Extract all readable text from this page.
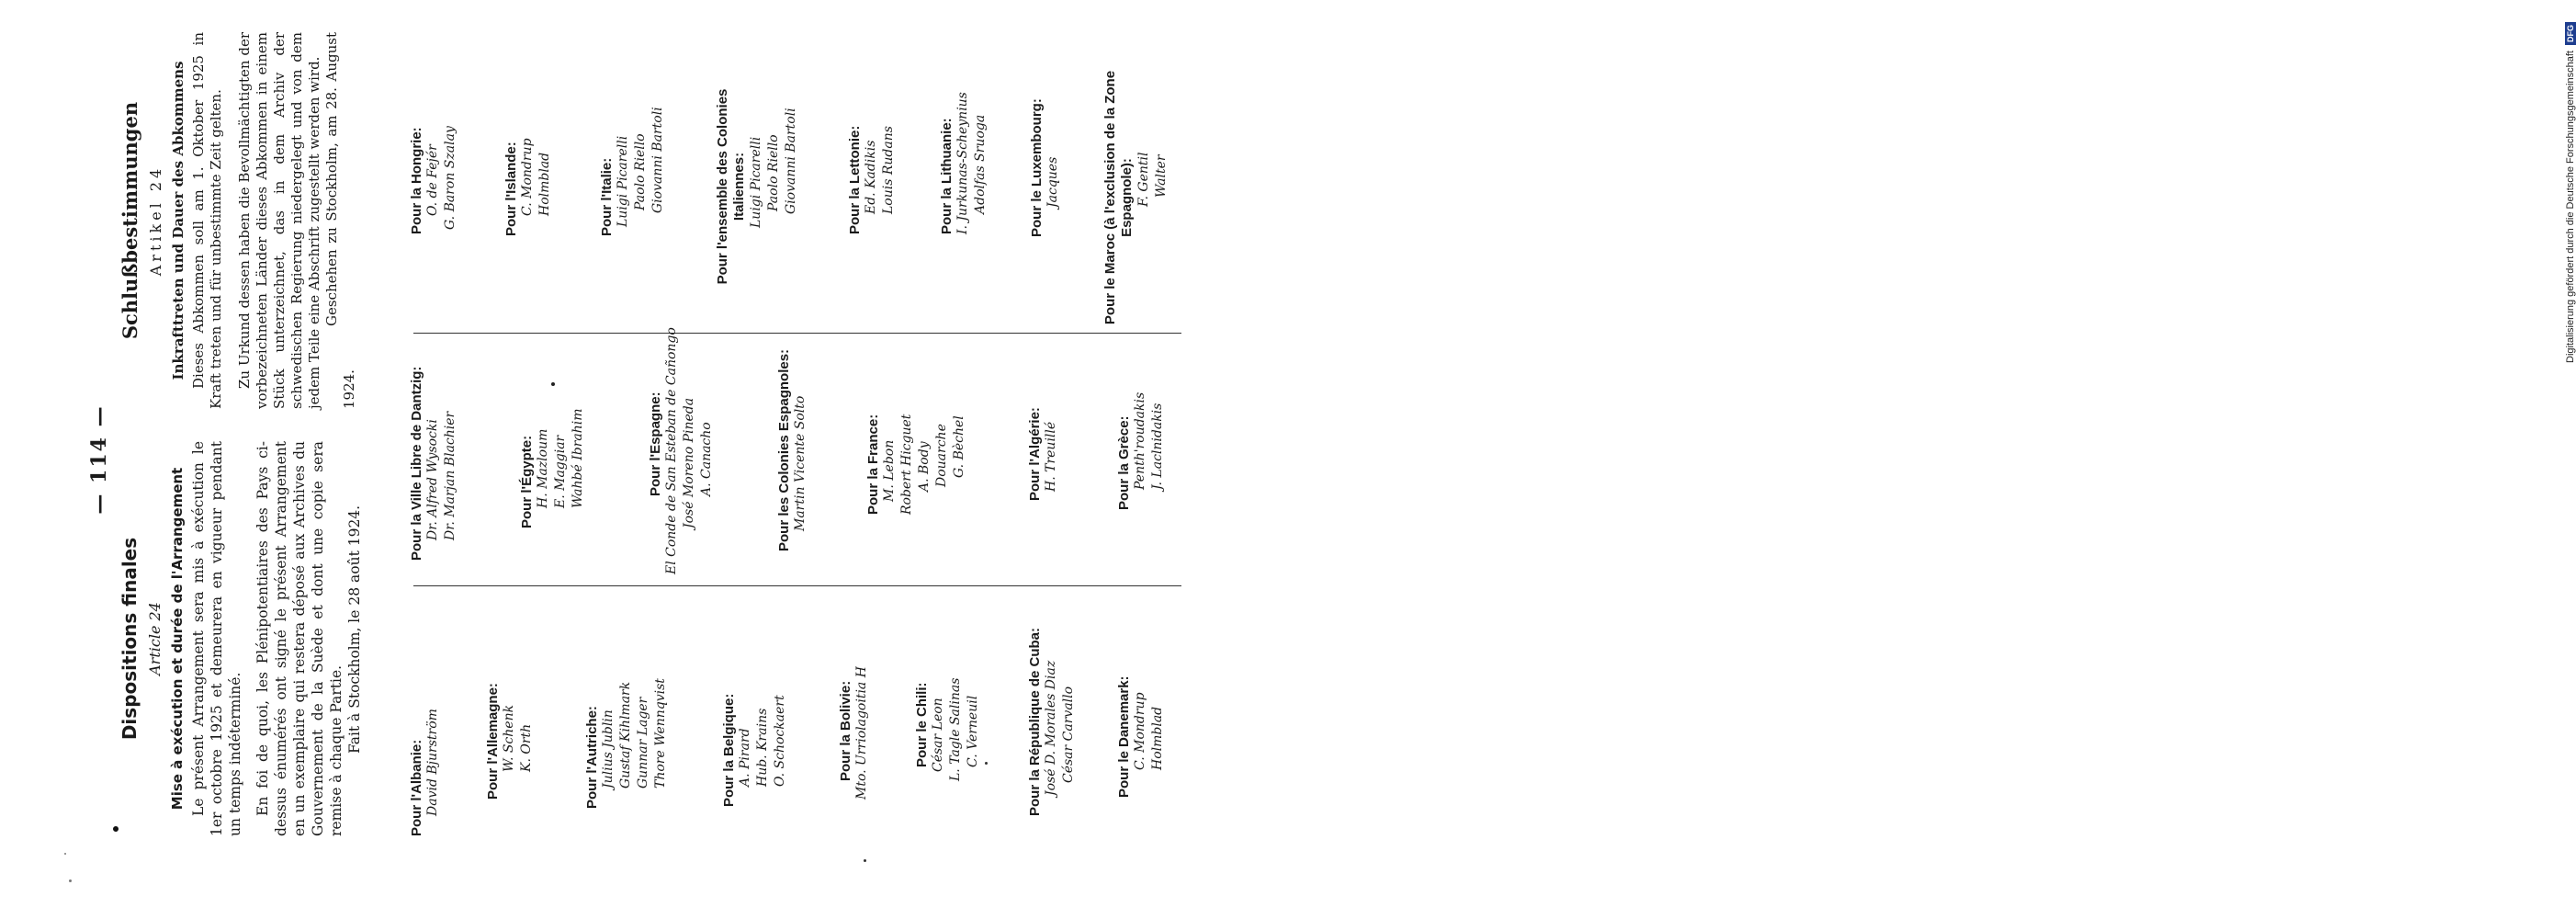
— 114 —
Dispositions finales Article 24 Mise à exécution et durée de l'Arrangement Le présent Arrangement sera mis à exécution le 1er octobre 1925 et demeurera en vigueur pendant un temps indéterminé. En foi de quoi, les Plénipotentiaires des Pays ci-dessus énumérés ont signé le présent Arrangement en un exemplaire qui restera déposé aux Archives du Gouvernement de la Suède et dont une copie sera remise à chaque Partie. Fait à Stockholm, le 28 août 1924.
Schlußbestimmungen Artikel 24 Inkrafttreten und Dauer des Abkommens Dieses Abkommen soll am 1. Oktober 1925 in Kraft treten und für unbestimmte Zeit gelten. Zu Urkund dessen haben die Bevollmächtigten der vorbezeichneten Länder dieses Abkommen in einem Stück unterzeichnet, das in dem Archiv der schwedischen Regierung niedergelegt und von dem jedem Teile eine Abschrift zugestellt werden wird. Geschehen zu Stockholm, am 28. August 1924.
Pour l'Albanie: David Bjurström	Pour l'Allemagne: W. Schenk K. Orth	Pour l'Autriche: Julius Jublin Gustaf Kihlmark Gunnar Lager Thore Wennqvist	Pour la Belgique: A. Pirard Hub. Krains O. Schockaert	Pour la Bolivie: Mto. Urriolagoitia H	Pour le Chili: César Leon L. Tagle Salinas C. Verneuil	Pour la République de Cuba: José D. Morales Diaz César Carvallo	Pour le Danemark: C. Mondrup Holmblad
Pour la Ville Libre de Dantzig: Dr. Alfred Wysocki Dr. Marjan Blachier	Pour l'Égypte: H. Mazloum E. Maggiar Wahbé Ibrahim	Pour l'Espagne: El Conde de San Esteban de Cañongo José Moreno Pineda A. Canacho	Pour les Colonies Espagnoles: Martin Vicente Solto	Pour la France: M. Lebon Robert Hicguet A. Body Douarche G. Bèchel	Pour l'Algérie: H. Treuillé	Pour la Grèce: Penth'roudakis J. Laclnidakis
Pour la Hongrie: O. de Fejér G. Baron Szalay	Pour l'Islande: C. Mondrup Holmblad	Pour l'Italie: Luigi Picarelli Paolo Riello Giovanni Bartoli	Pour l'ensemble des Colonies Italiennes: Luigi Picarelli Paolo Riello Giovanni Bartoli	Pour la Lettonie: Ed. Kadikis Louis Rudans	Pour la Lithuanie: I. Jurkunas-Scheynius Adolfas Sruoga	Pour le Luxembourg: Jacques	Pour le Maroc (à l'exclusion de la Zone Espagnole): F. Gentil Walter	Digitalisierung gefördert durch die Deutsche Forschungsgemeinschaft DFG
